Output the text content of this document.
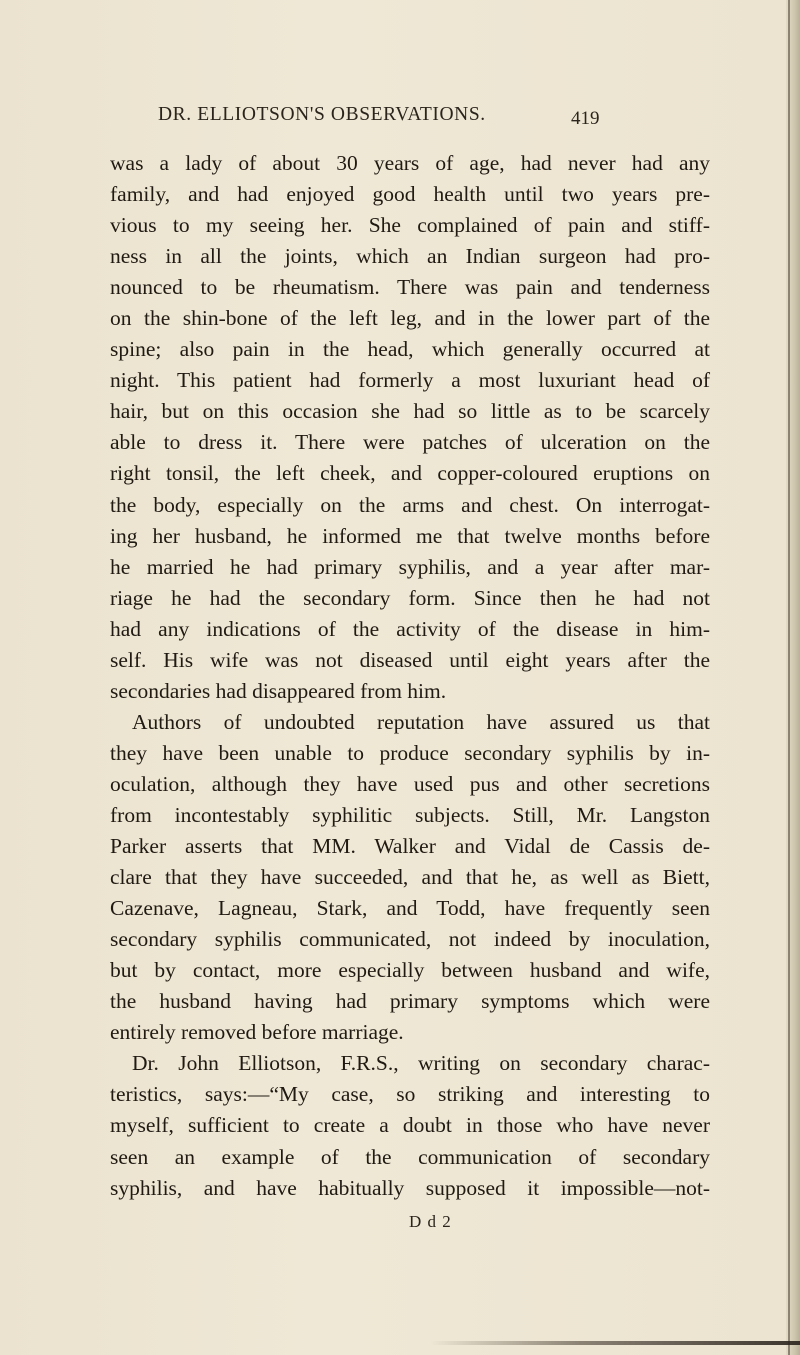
DR. ELLIOTSON'S OBSERVATIONS.	419
was a lady of about 30 years of age, had never had any
family, and had enjoyed good health until two years pre-
vious to my seeing her. She complained of pain and stiff-
ness in all the joints, which an Indian surgeon had pro-
nounced to be rheumatism. There was pain and tenderness
on the shin-bone of the left leg, and in the lower part of the
spine; also pain in the head, which generally occurred at
night. This patient had formerly a most luxuriant head of
hair, but on this occasion she had so little as to be scarcely
able to dress it. There were patches of ulceration on the
right tonsil, the left cheek, and copper-coloured eruptions on
the body, especially on the arms and chest. On interrogat-
ing her husband, he informed me that twelve months before
he married he had primary syphilis, and a year after mar-
riage he had the secondary form. Since then he had not
had any indications of the activity of the disease in him-
self. His wife was not diseased until eight years after the
secondaries had disappeared from him.
Authors of undoubted reputation have assured us that
they have been unable to produce secondary syphilis by in-
oculation, although they have used pus and other secretions
from incontestably syphilitic subjects. Still, Mr. Langston
Parker asserts that MM. Walker and Vidal de Cassis de-
clare that they have succeeded, and that he, as well as Biett,
Cazenave, Lagneau, Stark, and Todd, have frequently seen
secondary syphilis communicated, not indeed by inoculation,
but by contact, more especially between husband and wife,
the husband having had primary symptoms which were
entirely removed before marriage.
Dr. John Elliotson, F.R.S., writing on secondary charac-
teristics, says:—“My case, so striking and interesting to
myself, sufficient to create a doubt in those who have never
seen an example of the communication of secondary
syphilis, and have habitually supposed it impossible—not-
D d 2
